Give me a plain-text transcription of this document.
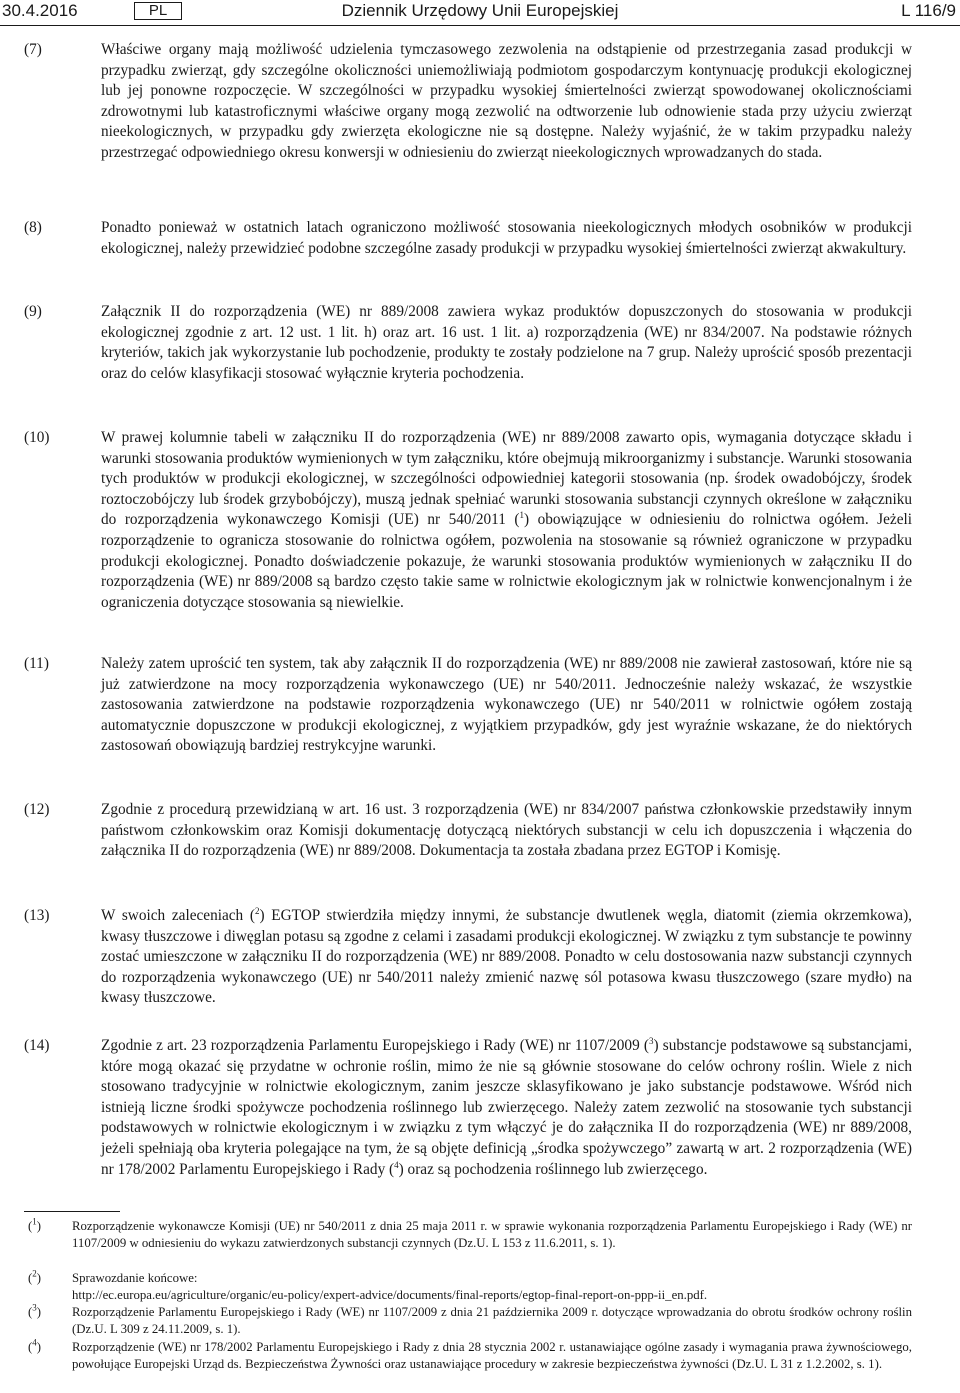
30.4.2016	PL	Dziennik Urzędowy Unii Europejskiej	L 116/9
(7)	Właściwe organy mają możliwość udzielenia tymczasowego zezwolenia na odstąpienie od przestrzegania zasad produkcji w przypadku zwierząt, gdy szczególne okoliczności uniemożliwiają podmiotom gospodarczym kontynuację produkcji ekologicznej lub jej ponowne rozpoczęcie. W szczególności w przypadku wysokiej śmiertelności zwierząt spowodowanej okolicznościami zdrowotnymi lub katastroficznymi właściwe organy mogą zezwolić na odtworzenie lub odnowienie stada przy użyciu zwierząt nieekologicznych, w przypadku gdy zwierzęta ekologiczne nie są dostępne. Należy wyjaśnić, że w takim przypadku należy przestrzegać odpowiedniego okresu konwersji w odniesieniu do zwierząt nieekologicznych wprowadzanych do stada.
(8)	Ponadto ponieważ w ostatnich latach ograniczono możliwość stosowania nieekologicznych młodych osobników w produkcji ekologicznej, należy przewidzieć podobne szczególne zasady produkcji w przypadku wysokiej śmiertelności zwierząt akwakultury.
(9)	Załącznik II do rozporządzenia (WE) nr 889/2008 zawiera wykaz produktów dopuszczonych do stosowania w produkcji ekologicznej zgodnie z art. 12 ust. 1 lit. h) oraz art. 16 ust. 1 lit. a) rozporządzenia (WE) nr 834/2007. Na podstawie różnych kryteriów, takich jak wykorzystanie lub pochodzenie, produkty te zostały podzielone na 7 grup. Należy uprościć sposób prezentacji oraz do celów klasyfikacji stosować wyłącznie kryteria pochodzenia.
(10)	W prawej kolumnie tabeli w załączniku II do rozporządzenia (WE) nr 889/2008 zawarto opis, wymagania dotyczące składu i warunki stosowania produktów wymienionych w tym załączniku, które obejmują mikroorganizmy i substancje. Warunki stosowania tych produktów w produkcji ekologicznej, w szczególności odpowiedniej kategorii stosowania (np. środek owadobójczy, środek roztoczobójczy lub środek grzybobójczy), muszą jednak spełniać warunki stosowania substancji czynnych określone w załączniku do rozporządzenia wykonawczego Komisji (UE) nr 540/2011 ($^1$) obowiązujące w odniesieniu do rolnictwa ogółem. Jeżeli rozporządzenie to ogranicza stosowanie do rolnictwa ogółem, pozwolenia na stosowanie są również ograniczone w przypadku produkcji ekologicznej. Ponadto doświadczenie pokazuje, że warunki stosowania produktów wymienionych w załączniku II do rozporządzenia (WE) nr 889/2008 są bardzo często takie same w rolnictwie ekologicznym jak w rolnictwie konwencjonalnym i że ograniczenia dotyczące stosowania są niewielkie.
(11)	Należy zatem uprościć ten system, tak aby załącznik II do rozporządzenia (WE) nr 889/2008 nie zawierał zastosowań, które nie są już zatwierdzone na mocy rozporządzenia wykonawczego (UE) nr 540/2011. Jednocześnie należy wskazać, że wszystkie zastosowania zatwierdzone na podstawie rozporządzenia wykonawczego (UE) nr 540/2011 w rolnictwie ogółem zostają automatycznie dopuszczone w produkcji ekologicznej, z wyjątkiem przypadków, gdy jest wyraźnie wskazane, że do niektórych zastosowań obowiązują bardziej restrykcyjne warunki.
(12)	Zgodnie z procedurą przewidzianą w art. 16 ust. 3 rozporządzenia (WE) nr 834/2007 państwa członkowskie przedstawiły innym państwom członkowskim oraz Komisji dokumentację dotyczącą niektórych substancji w celu ich dopuszczenia i włączenia do załącznika II do rozporządzenia (WE) nr 889/2008. Dokumentacja ta została zbadana przez EGTOP i Komisję.
(13)	W swoich zaleceniach ($^2$) EGTOP stwierdziła między innymi, że substancje dwutlenek węgla, diatomit (ziemia okrzemkowa), kwasy tłuszczowe i diwęglan potasu są zgodne z celami i zasadami produkcji ekologicznej. W związku z tym substancje te powinny zostać umieszczone w załączniku II do rozporządzenia (WE) nr 889/2008. Ponadto w celu dostosowania nazw substancji czynnych do rozporządzenia wykonawczego (UE) nr 540/2011 należy zmienić nazwę sól potasowa kwasu tłuszczowego (szare mydło) na kwasy tłuszczowe.
(14)	Zgodnie z art. 23 rozporządzenia Parlamentu Europejskiego i Rady (WE) nr 1107/2009 ($^3$) substancje podstawowe są substancjami, które mogą okazać się przydatne w ochronie roślin, mimo że nie są głównie stosowane do celów ochrony roślin. Wiele z nich stosowano tradycyjnie w rolnictwie ekologicznym, zanim jeszcze sklasyfikowano je jako substancje podstawowe. Wśród nich istnieją liczne środki spożywcze pochodzenia roślinnego lub zwierzęcego. Należy zatem zezwolić na stosowanie tych substancji podstawowych w rolnictwie ekologicznym i w związku z tym włączyć je do załącznika II do rozporządzenia (WE) nr 889/2008, jeżeli spełniają oba kryteria polegające na tym, że są objęte definicją „środka spożywczego” zawartą w art. 2 rozporządzenia (WE) nr 178/2002 Parlamentu Europejskiego i Rady ($^4$) oraz są pochodzenia roślinnego lub zwierzęcego.
($^1$) Rozporządzenie wykonawcze Komisji (UE) nr 540/2011 z dnia 25 maja 2011 r. w sprawie wykonania rozporządzenia Parlamentu Europejskiego i Rady (WE) nr 1107/2009 w odniesieniu do wykazu zatwierdzonych substancji czynnych (Dz.U. L 153 z 11.6.2011, s. 1).
($^2$) Sprawozdanie końcowe:
http://ec.europa.eu/agriculture/organic/eu-policy/expert-advice/documents/final-reports/egtop-final-report-on-ppp-ii_en.pdf.
($^3$) Rozporządzenie Parlamentu Europejskiego i Rady (WE) nr 1107/2009 z dnia 21 października 2009 r. dotyczące wprowadzania do obrotu środków ochrony roślin (Dz.U. L 309 z 24.11.2009, s. 1).
($^4$) Rozporządzenie (WE) nr 178/2002 Parlamentu Europejskiego i Rady z dnia 28 stycznia 2002 r. ustanawiające ogólne zasady i wymagania prawa żywnościowego, powołujące Europejski Urząd ds. Bezpieczeństwa Żywności oraz ustanawiające procedury w zakresie bezpieczeństwa żywności (Dz.U. L 31 z 1.2.2002, s. 1).
